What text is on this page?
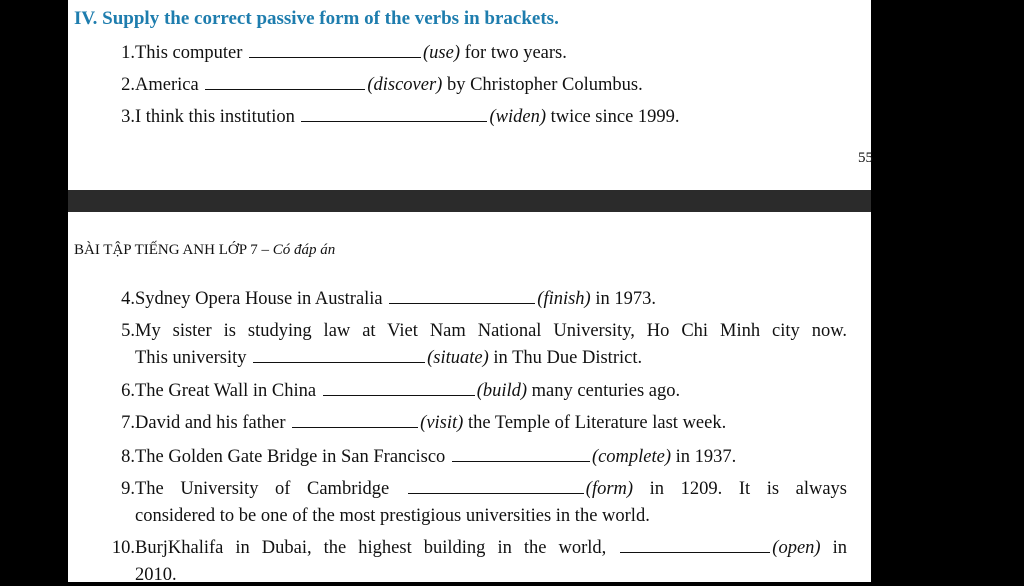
IV. Supply the correct passive form of the verbs in brackets.
1. This computer	(use) for two years.
2. America	(discover) by Christopher Columbus.
3. I think this institution	(widen) twice since 1999.
55
BÀI TẬP TIẾNG ANH LỚP 7 – Có đáp án
4. Sydney Opera House in Australia	(finish) in 1973.
5. My sister is studying law at Viet Nam National University, Ho Chi Minh city now.
This university	(situate) in Thu Due District.
6. The Great Wall in China	(build) many centuries ago.
7. David and his father	(visit) the Temple of Literature last week.
8. The Golden Gate Bridge in San Francisco	(complete) in 1937.
9. The University of Cambridge	(form) in 1209. It is always
considered to be one of the most prestigious universities in the world.
10. BurjKhalifa in Dubai, the highest building in the world,	(open) in
2010.
